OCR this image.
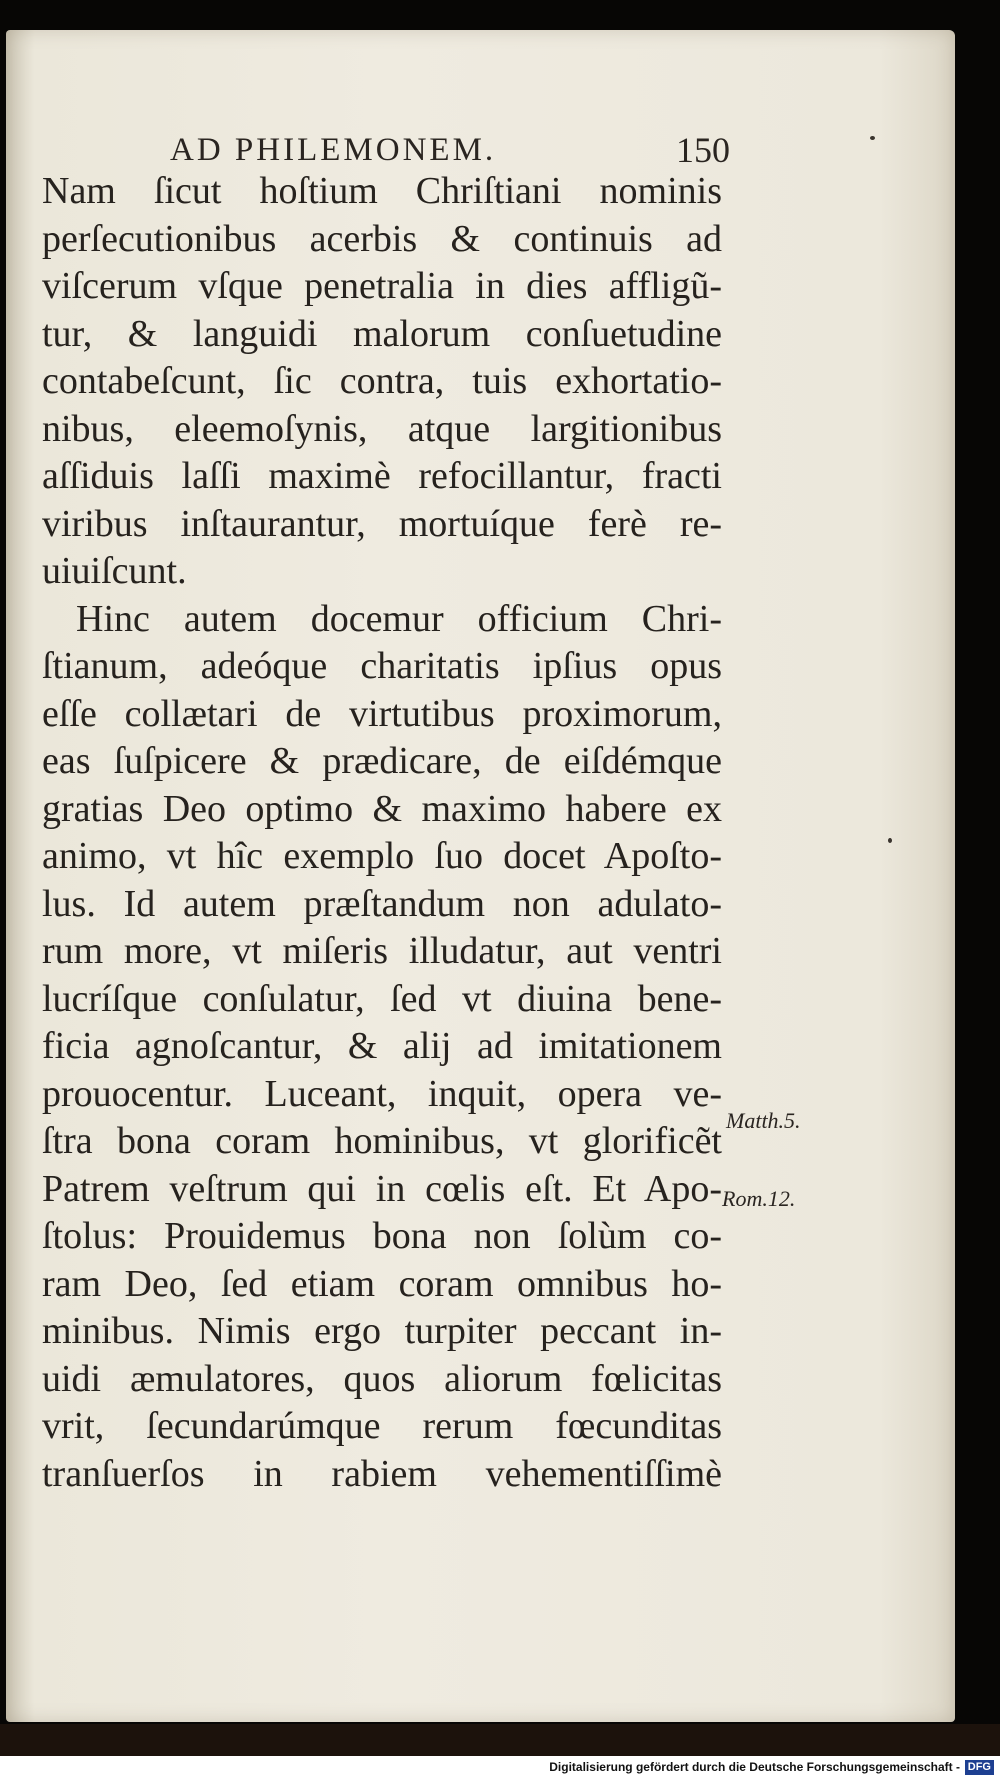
AD PHILEMONEM.	150
Nam ſicut hoſtium Chriſtiani nominis
perſecutionibus acerbis & continuis ad
viſcerum vſque penetralia in dies affligũ-
tur, & languidi malorum conſuetudine
contabeſcunt, ſic contra, tuis exhortatio-
nibus, eleemoſynis, atque largitionibus
aſſiduis laſſi maximè refocillantur, fracti
viribus inſtaurantur, mortuíque ferè re-
uiuiſcunt.
Hinc autem docemur officium Chri-
ſtianum, adeóque charitatis ipſius opus
eſſe collætari de virtutibus proximorum,
eas ſuſpicere & prædicare, de eiſdémque
gratias Deo optimo & maximo habere ex
animo, vt hîc exemplo ſuo docet Apoſto-
lus. Id autem præſtandum non adulato-
rum more, vt miſeris illudatur, aut ventri
lucríſque conſulatur, ſed vt diuina bene-
ficia agnoſcantur, & alij ad imitationem
prouocentur. Luceant, inquit, opera ve-
ſtra bona coram hominibus, vt glorificẽt
Patrem veſtrum qui in cœlis eſt. Et Apo-
ſtolus: Prouidemus bona non ſolùm co-
ram Deo, ſed etiam coram omnibus ho-
minibus. Nimis ergo turpiter peccant in-
uidi æmulatores, quos aliorum fœlicitas
vrit, ſecundarúmque rerum fœcunditas
tranſuerſos in rabiem vehementiſſimè
Matth.5.
Rom.12.
Digitalisierung gefördert durch die Deutsche Forschungsgemeinschaft - DFG
